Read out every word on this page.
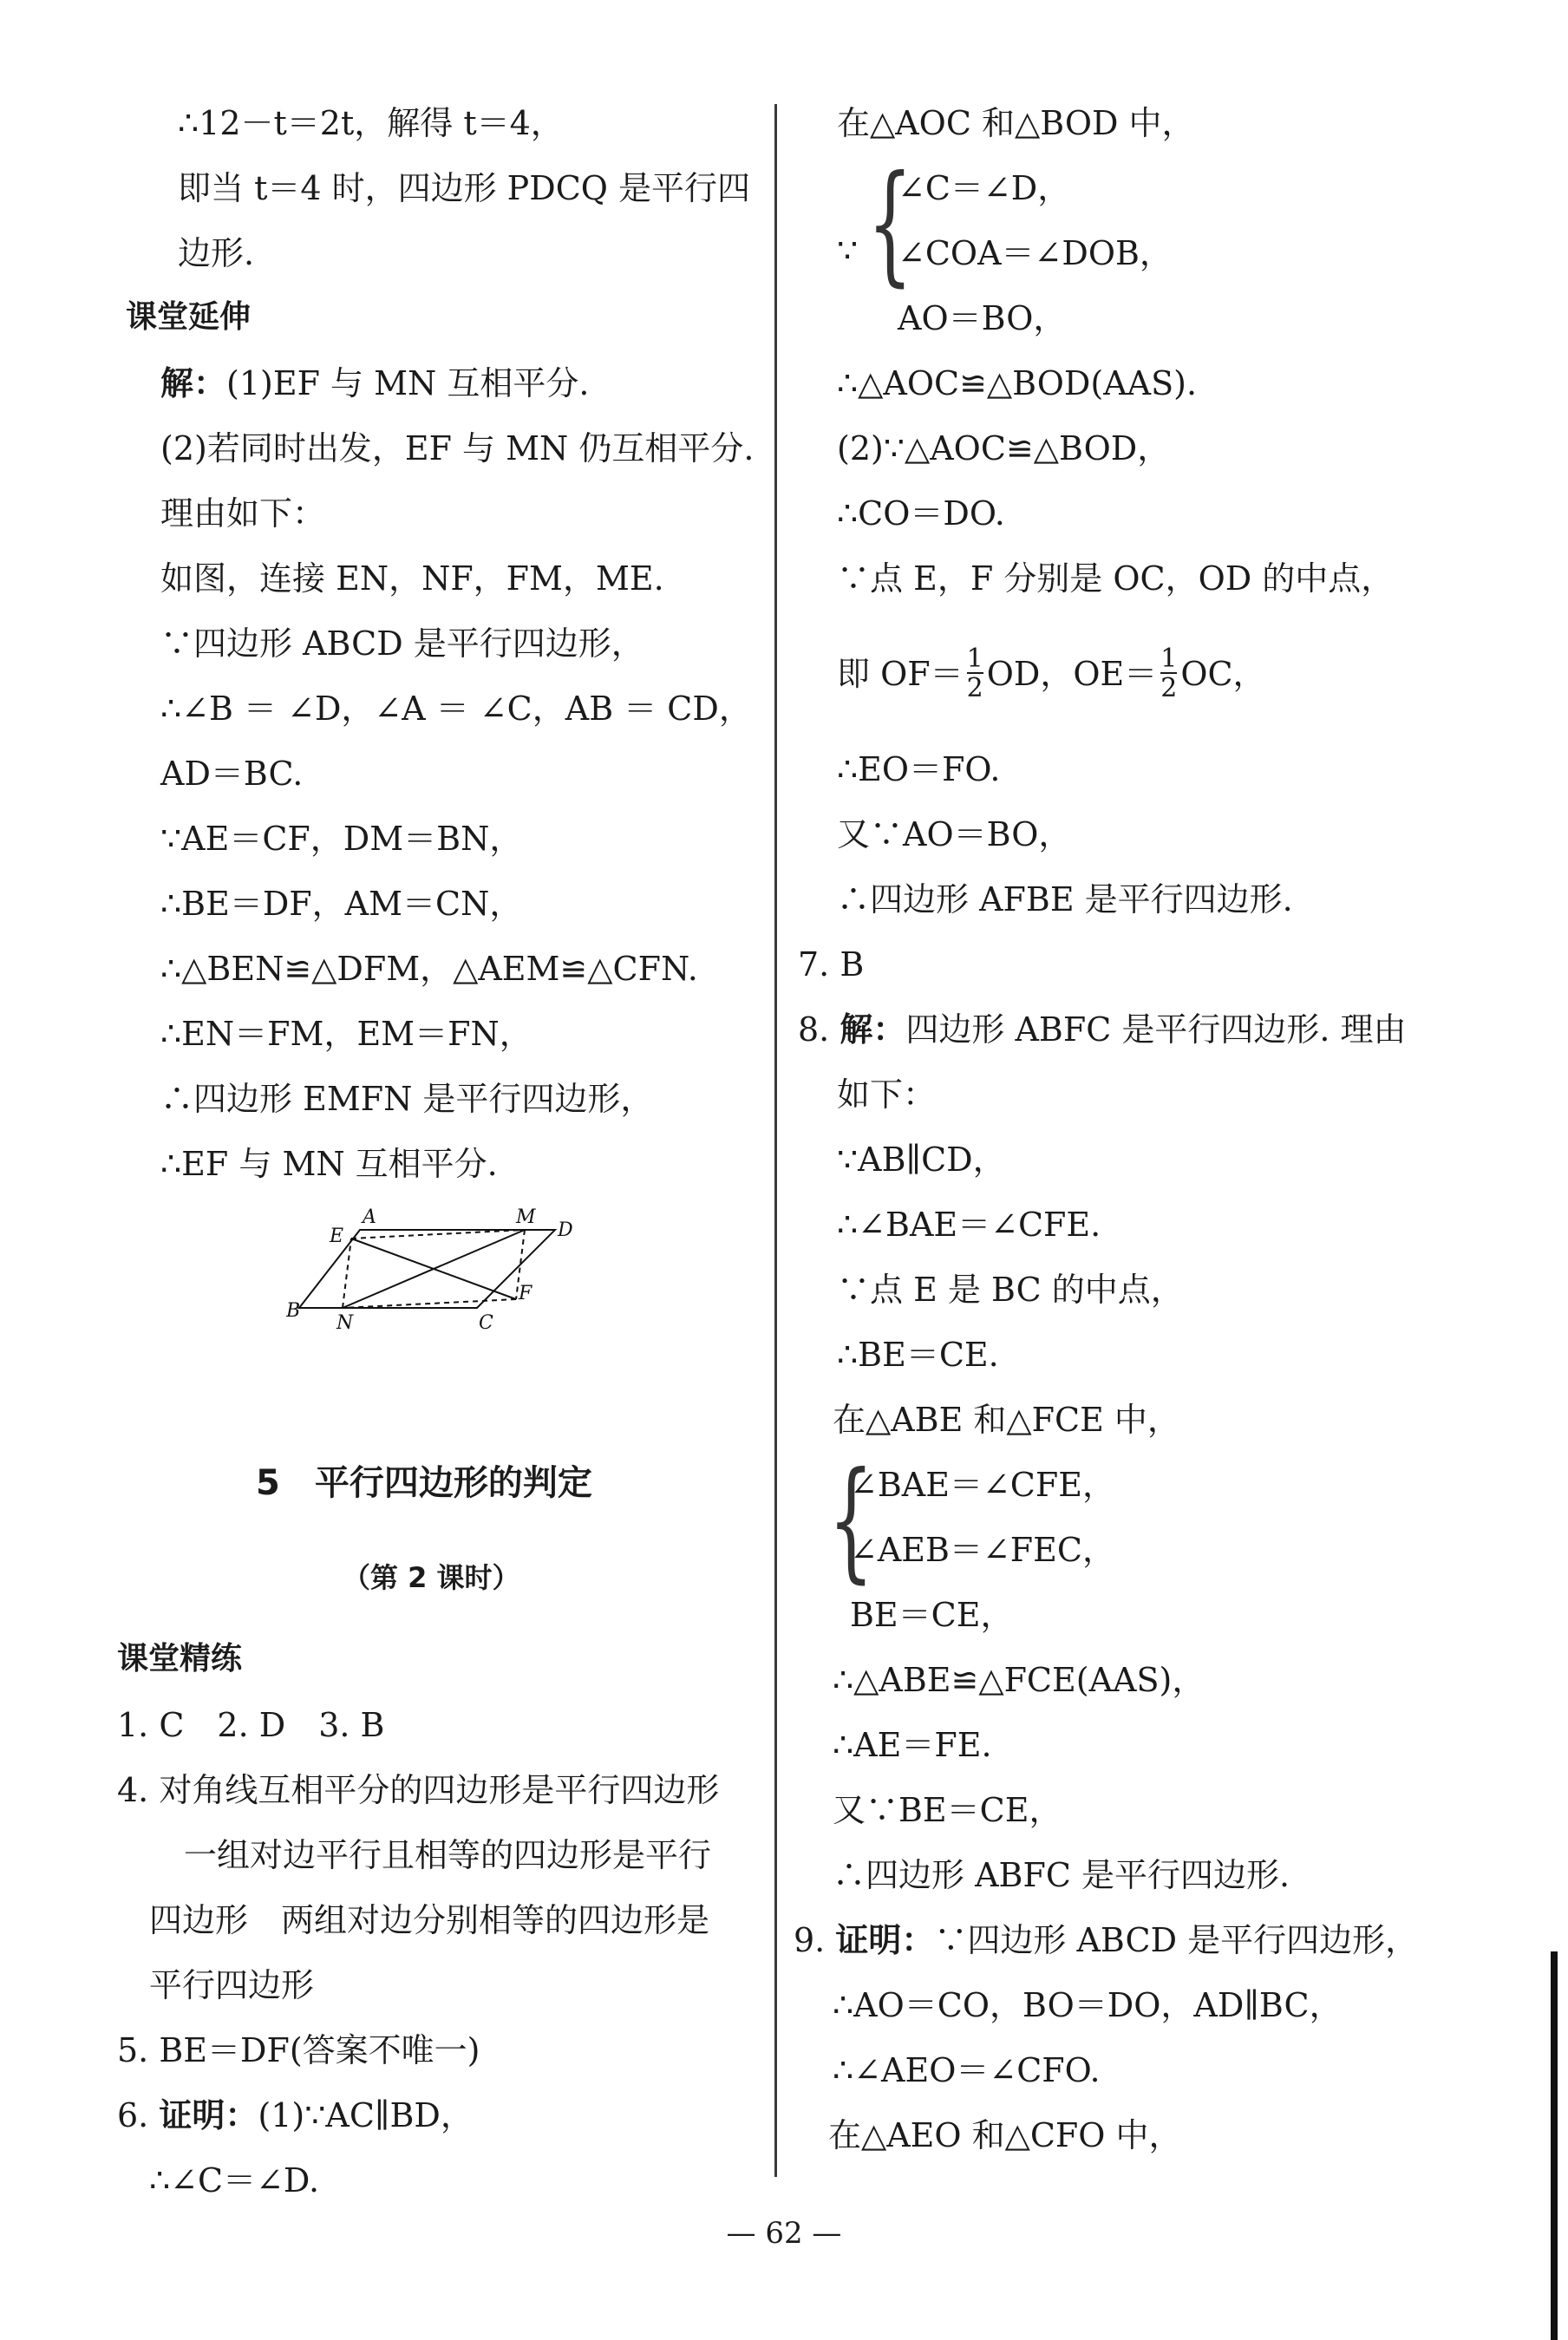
∴12－t＝2t，解得 t＝4，
即当 t＝4 时，四边形 PDCQ 是平行四
边形.
课堂延伸
解：(1)EF 与 MN 互相平分.
(2)若同时出发，EF 与 MN 仍互相平分.
理由如下：
如图，连接 EN，NF，FM，ME.
∵四边形 ABCD 是平行四边形，
∴∠B ＝ ∠D，∠A ＝ ∠C，AB ＝ CD，
AD＝BC.
∵AE＝CF，DM＝BN，
∴BE＝DF，AM＝CN，
∴△BEN≌△DFM，△AEM≌△CFN.
∴EN＝FM，EM＝FN，
∴四边形 EMFN 是平行四边形，
∴EF 与 MN 互相平分.
5　平行四边形的判定
（第 2 课时）
课堂精练
1. C　2. D　3. B
4. 对角线互相平分的四边形是平行四边形
一组对边平行且相等的四边形是平行
四边形　两组对边分别相等的四边形是
平行四边形
5. BE＝DF(答案不唯一)
6. 证明：(1)∵AC∥BD，
∴∠C＝∠D.
A	M
D
E
F
B
N	C
在△AOC 和△BOD 中，
∵ {
∠C＝∠D，
∠COA＝∠DOB，
AO＝BO，
∴△AOC≌△BOD(AAS).
(2)∵△AOC≌△BOD，
∴CO＝DO.
∵点 E，F 分别是 OC，OD 的中点，
即 OF＝ 1
2 OD，OE＝ 1
2 OC，
∴EO＝FO.
又∵AO＝BO，
∴四边形 AFBE 是平行四边形.
7. B
8. 解：四边形 ABFC 是平行四边形. 理由
如下：
∵AB∥CD，
∴∠BAE＝∠CFE.
∵点 E 是 BC 的中点，
∴BE＝CE.
在△ABE 和△FCE 中，
{
∠BAE＝∠CFE，
∠AEB＝∠FEC，
BE＝CE，
∴△ABE≌△FCE(AAS)，
∴AE＝FE.
又∵BE＝CE，
∴四边形 ABFC 是平行四边形.
9. 证明：∵四边形 ABCD 是平行四边形，
∴AO＝CO，BO＝DO，AD∥BC，
∴∠AEO＝∠CFO.
在△AEO 和△CFO 中，
— 62 —
